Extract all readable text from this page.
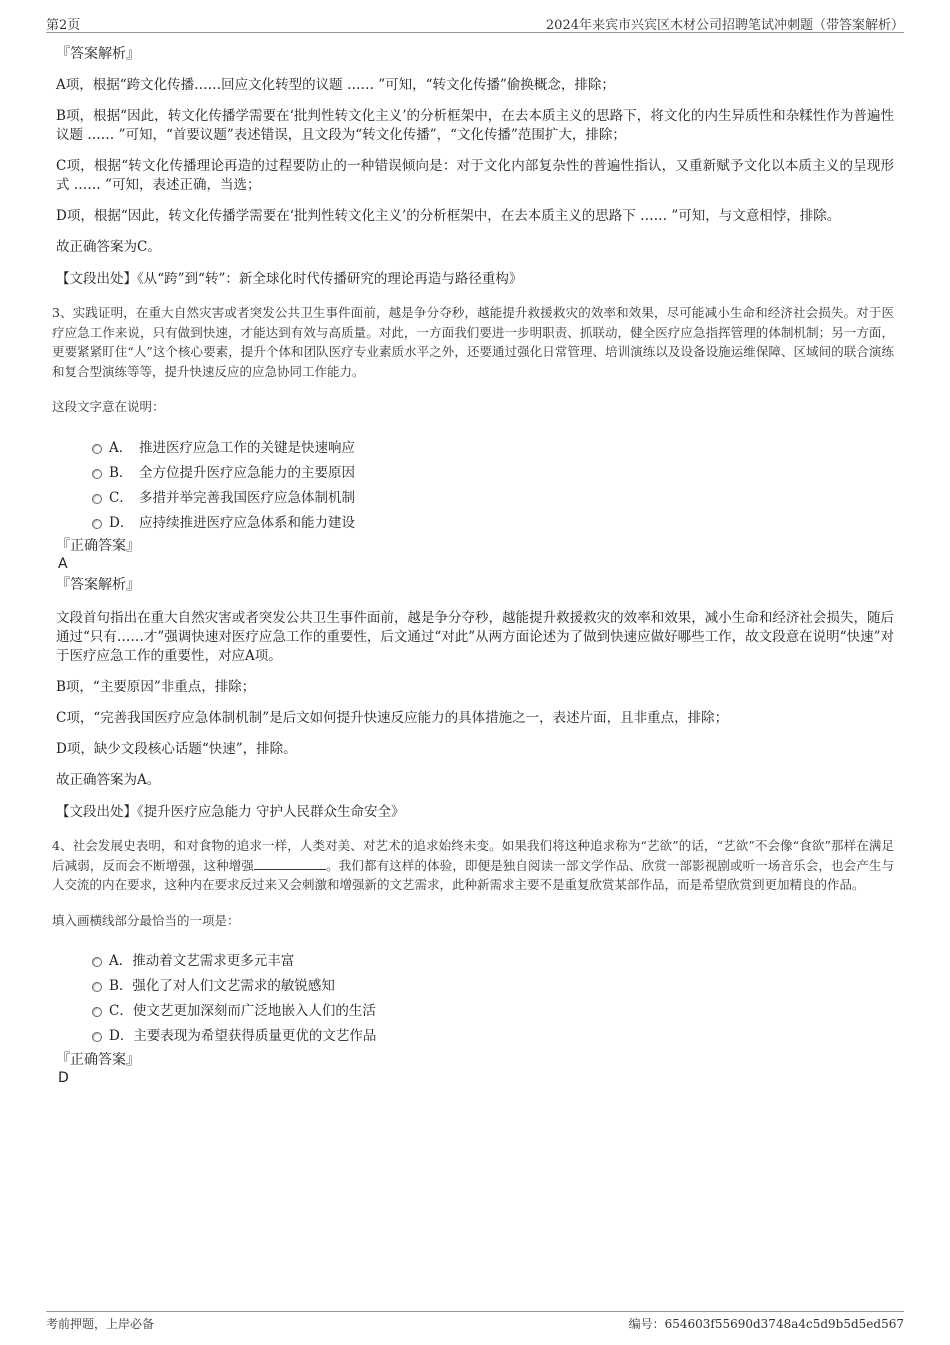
第2页	2024年来宾市兴宾区木材公司招聘笔试冲刺题（带答案解析）
『答案解析』

A项，根据“跨文化传播……回应文化转型的议题 …… ”可知，“转文化传播”偷换概念，排除；

B项，根据“因此，转文化传播学需要在‘批判性转文化主义’的分析框架中，在去本质主义的思路下，将文化的内生异质性和杂糅性作为普遍性议题 …… ”可知，“首要议题”表述错误，且文段为“转文化传播”，“文化传播”范围扩大，排除；

C项，根据“转文化传播理论再造的过程要防止的一种错误倾向是：对于文化内部复杂性的普遍性指认，又重新赋予文化以本质主义的呈现形式 …… ”可知，表述正确，当选；

D项，根据“因此，转文化传播学需要在‘批判性转文化主义’的分析框架中，在去本质主义的思路下 …… ”可知，与文意相悖，排除。

故正确答案为C。

【文段出处】《从“跨”到“转”：新全球化时代传播研究的理论再造与路径重构》

3、实践证明，在重大自然灾害或者突发公共卫生事件面前，越是争分夺秒，越能提升救援救灾的效率和效果，尽可能减小生命和经济社会损失。对于医疗应急工作来说，只有做到快速，才能达到有效与高质量。对此，一方面我们要进一步明职责、抓联动，健全医疗应急指挥管理的体制机制；另一方面，更要紧紧盯住“人”这个核心要素，提升个体和团队医疗专业素质水平之外，还要通过强化日常管理、培训演练以及设备设施运维保障、区域间的联合演练和复合型演练等等，提升快速反应的应急协同工作能力。

这段文字意在说明：

A． 推进医疗应急工作的关键是快速响应
B． 全方位提升医疗应急能力的主要原因
C． 多措并举完善我国医疗应急体制机制
D． 应持续推进医疗应急体系和能力建设
『正确答案』
A
『答案解析』

文段首句指出在重大自然灾害或者突发公共卫生事件面前，越是争分夺秒，越能提升救援救灾的效率和效果，减小生命和经济社会损失，随后通过“只有……才”强调快速对医疗应急工作的重要性，后文通过“对此”从两方面论述为了做到快速应做好哪些工作，故文段意在说明“快速”对于医疗应急工作的重要性，对应A项。

B项，“主要原因”非重点，排除；

C项，“完善我国医疗应急体制机制”是后文如何提升快速反应能力的具体措施之一，表述片面，且非重点，排除；

D项，缺少文段核心话题“快速”，排除。

故正确答案为A。

【文段出处】《提升医疗应急能力 守护人民群众生命安全》

4、社会发展史表明，和对食物的追求一样，人类对美、对艺术的追求始终未变。如果我们将这种追求称为“艺欲”的话，“艺欲”不会像“食欲”那样在满足后减弱，反而会不断增强，这种增强	。我们都有这样的体验，即便是独自阅读一部文学作品、欣赏一部影视剧或听一场音乐会，也会产生与人交流的内在要求，这种内在要求反过来又会刺激和增强新的文艺需求，此种新需求主要不是重复欣赏某部作品，而是希望欣赏到更加精良的作品。

填入画横线部分最恰当的一项是：

A． 推动着文艺需求更多元丰富
B． 强化了对人们文艺需求的敏锐感知
C． 使文艺更加深刻而广泛地嵌入人们的生活
D． 主要表现为希望获得质量更优的文艺作品
『正确答案』
D
考前押题，上岸必备	编号：654603f55690d3748a4c5d9b5d5ed567
